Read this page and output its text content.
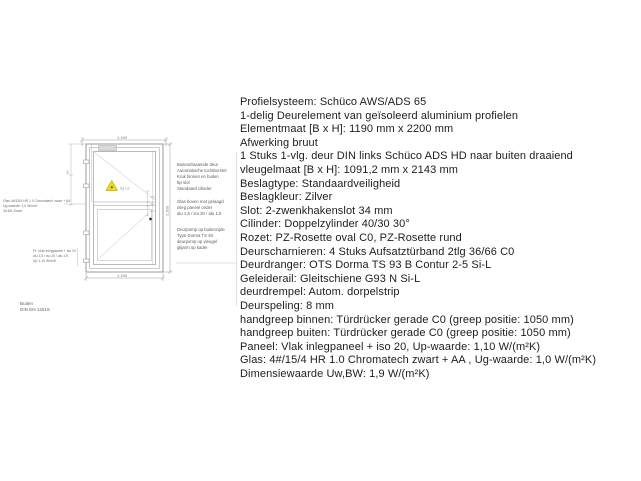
1.190
Ug 1,0
1,5
20
1,5	2.200
380
1.190
Glas 4#/15/4 HR 1.0 Chromatech zwart + AA
Ug-waarde: 1,0 W/m²K
4/15/4 Zwart
Pr. Vlak inlegpaneel + iso 20
alu 1,5 / iso 20 / alu 1,5
Up 1,10 W/m²K
Buitendraaiende deur
Automatische tochtborstel
Kruk binnen en buiten
5p slot
Standaard cilinder
Glas boven met gelaagd
inleg paneel onder
alu 1,5 / iso 20 / alu 1,5
Deurpomp op buitenzijde
Type Dorma TS 93
deurpomp op vleugel
glijarm op kader
Buiten
DIN EN 12519
Profielsysteem: Schüco AWS/ADS 65
1-delig Deurelement van geïsoleerd aluminium profielen
Elementmaat [B x H]: 1190 mm x 2200 mm
Afwerking bruut
1 Stuks 1-vlg. deur DIN links Schüco ADS HD naar buiten draaiend
vleugelmaat [B x H]: 1091,2 mm x 2143 mm
Beslagtype: Standaardveiligheid
Beslagkleur: Zilver
Slot: 2-zwenkhakenslot 34 mm
Cilinder: Doppelzylinder 40/30 30°
Rozet: PZ-Rosette oval C0, PZ-Rosette rund
Deurscharnieren: 4 Stuks Aufsatztürband 2tlg 36/66 C0
Deurdranger: OTS Dorma TS 93 B Contur 2-5 Si-L
Geleiderail: Gleitschiene G93 N Si-L
deurdrempel: Autom. dorpelstrip
Deurspeling: 8 mm
handgreep binnen: Türdrücker gerade C0 (greep positie: 1050 mm)
handgreep buiten: Türdrücker gerade C0 (greep positie: 1050 mm)
Paneel: Vlak inlegpaneel + iso 20, Up-waarde: 1,10 W/(m²K)
Glas: 4#/15/4 HR 1.0 Chromatech zwart + AA , Ug-waarde: 1,0 W/(m²K)
Dimensiewaarde Uw,BW: 1,9 W/(m²K)
